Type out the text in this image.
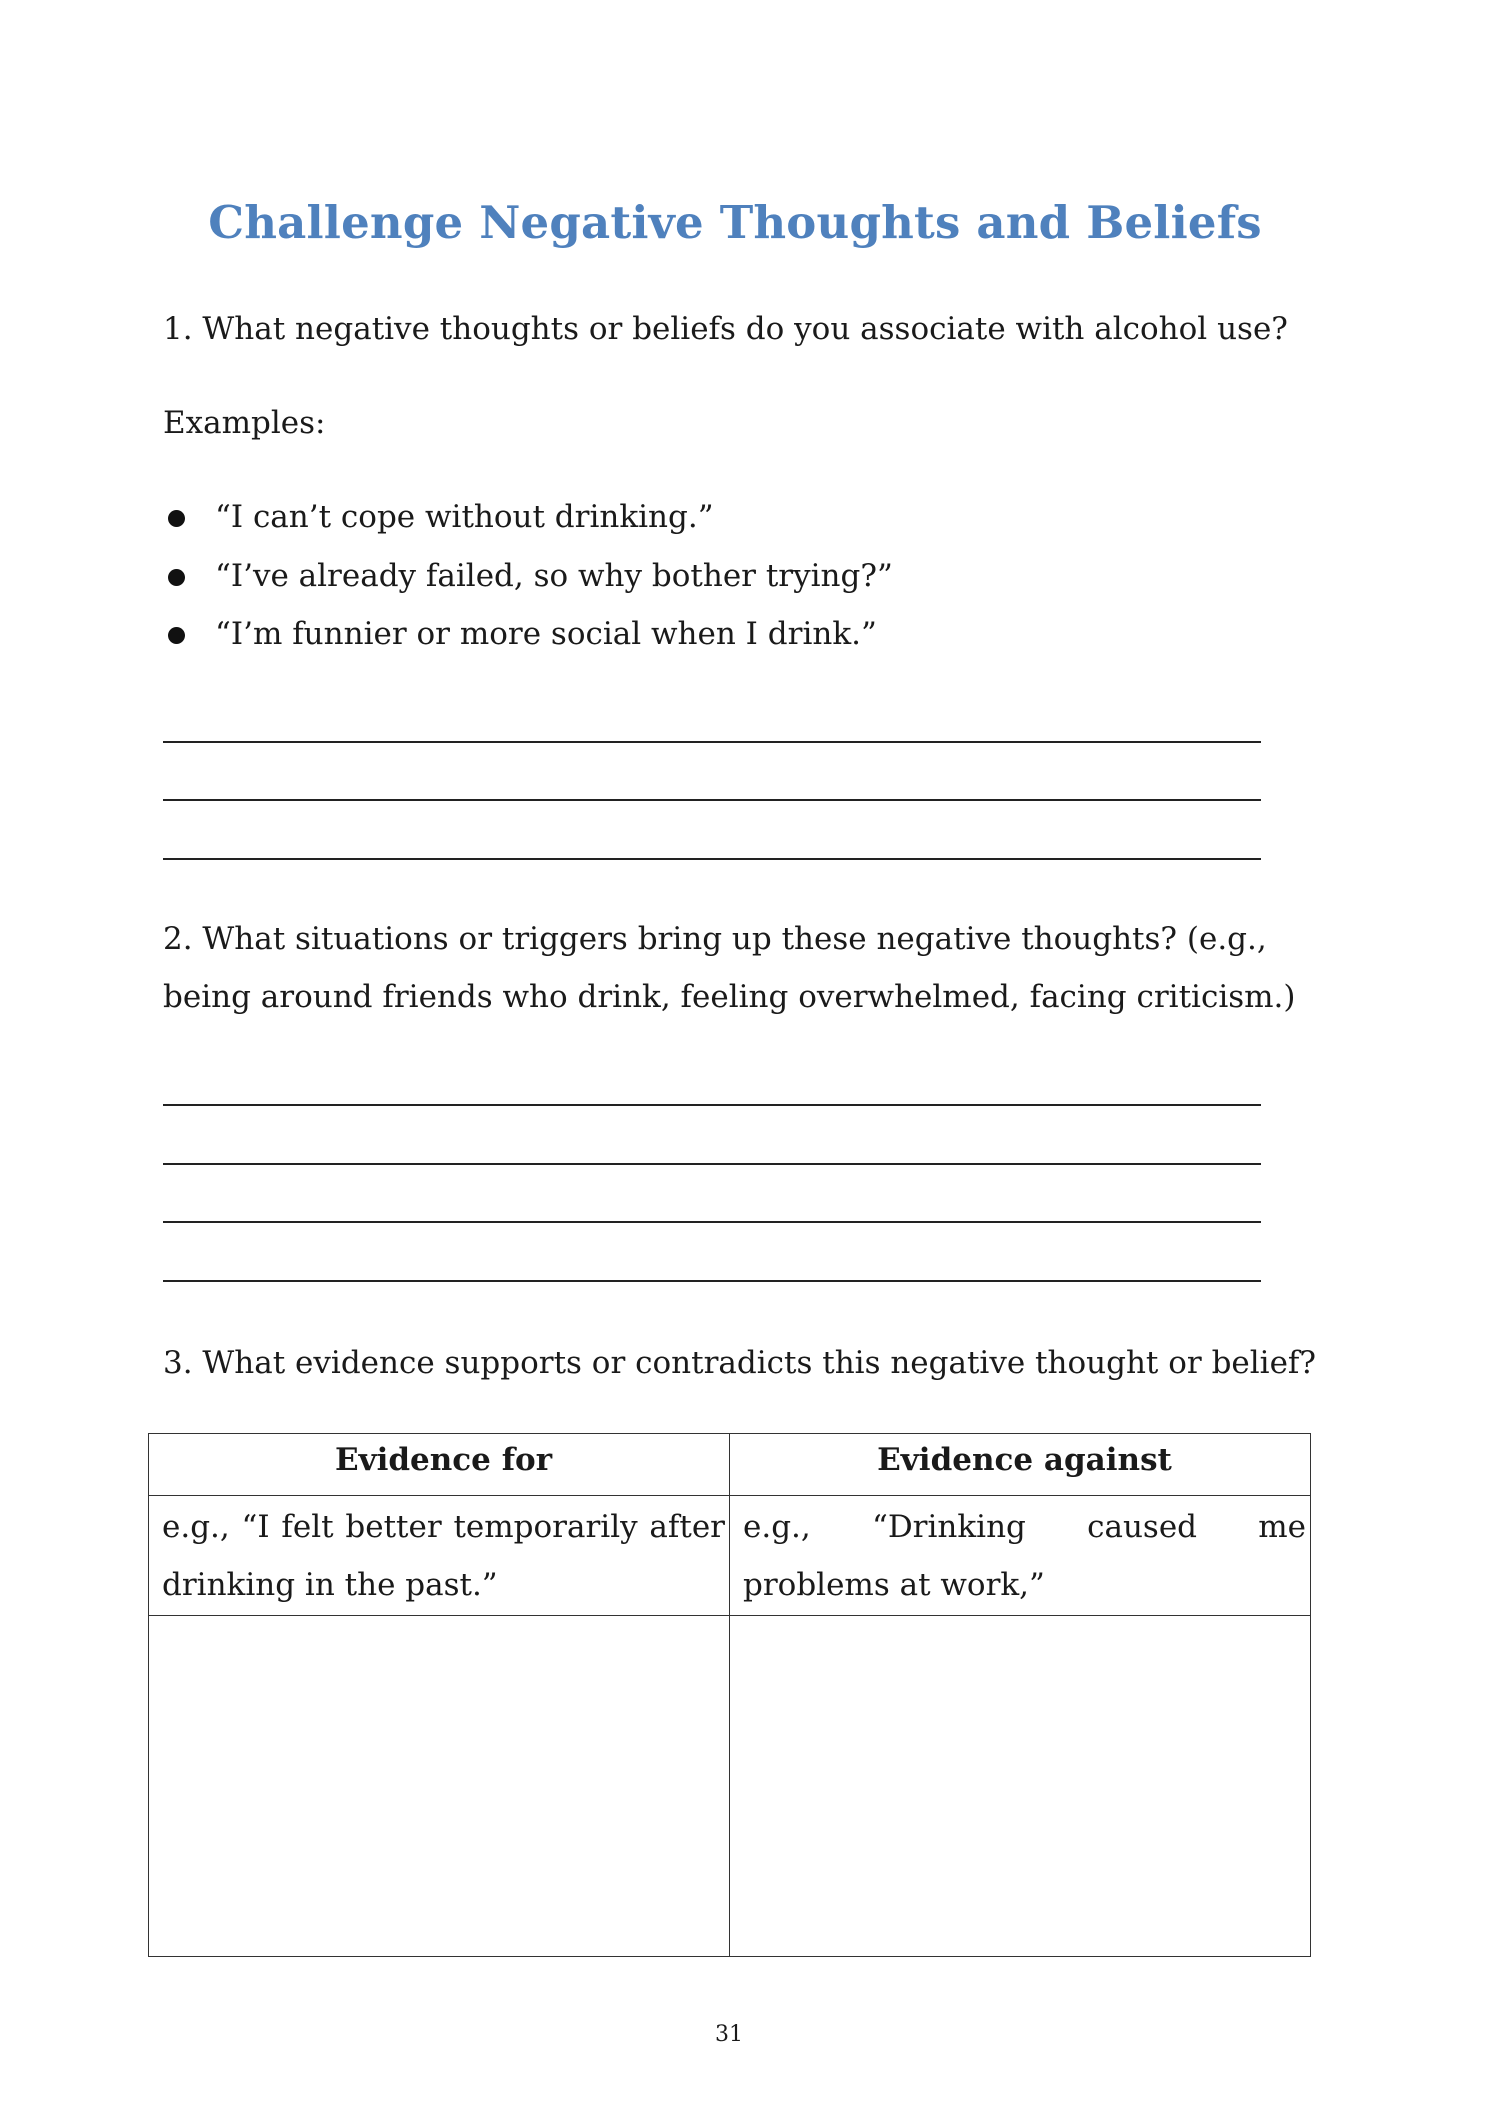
Challenge Negative Thoughts and Beliefs

1. What negative thoughts or beliefs do you associate with alcohol use?

Examples:

“I can’t cope without drinking.”
“I’ve already failed, so why bother trying?”
“I’m funnier or more social when I drink.”

2. What situations or triggers bring up these negative thoughts? (e.g., being around friends who drink, feeling overwhelmed, facing criticism.)

3. What evidence supports or contradicts this negative thought or belief?

Evidence for	Evidence against
e.g., “I felt better temporarily after drinking in the past.”	e.g., “Drinking caused me problems at work,”

31
